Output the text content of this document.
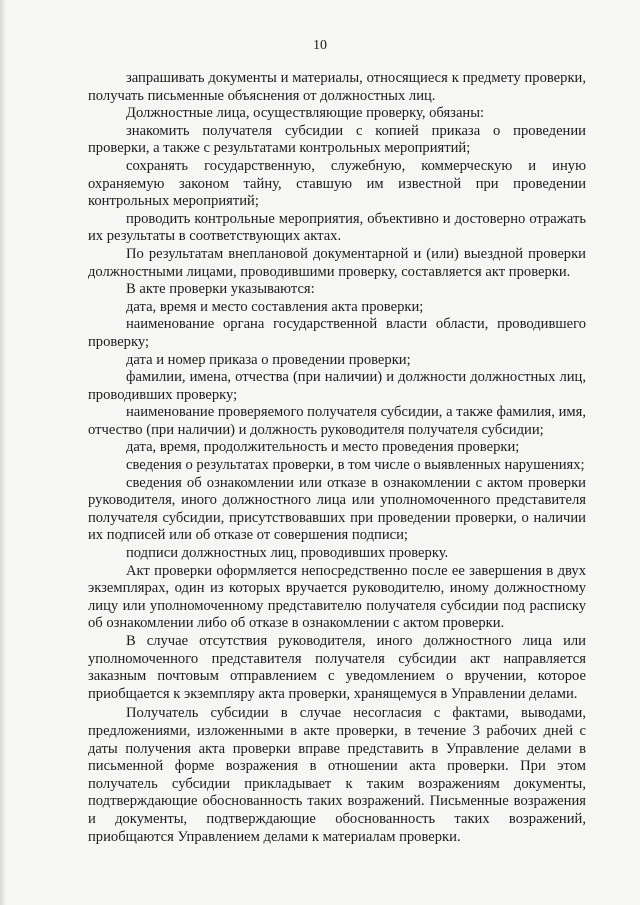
10

запрашивать документы и материалы, относящиеся к предмету проверки, получать письменные объяснения от должностных лиц.

Должностные лица, осуществляющие проверку, обязаны:

знакомить получателя субсидии с копией приказа о проведении проверки, а также с результатами контрольных мероприятий;

сохранять государственную, служебную, коммерческую и иную охраняемую законом тайну, ставшую им известной при проведении контрольных мероприятий;

проводить контрольные мероприятия, объективно и достоверно отражать их результаты в соответствующих актах.

По результатам внеплановой документарной и (или) выездной проверки должностными лицами, проводившими проверку, составляется акт проверки.

В акте проверки указываются:

дата, время и место составления акта проверки;

наименование органа государственной власти области, проводившего проверку;

дата и номер приказа о проведении проверки;

фамилии, имена, отчества (при наличии) и должности должностных лиц, проводивших проверку;

наименование проверяемого получателя субсидии, а также фамилия, имя, отчество (при наличии) и должность руководителя получателя субсидии;

дата, время, продолжительность и место проведения проверки;

сведения о результатах проверки, в том числе о выявленных нарушениях;

сведения об ознакомлении или отказе в ознакомлении с актом проверки руководителя, иного должностного лица или уполномоченного представителя получателя субсидии, присутствовавших при проведении проверки, о наличии их подписей или об отказе от совершения подписи;

подписи должностных лиц, проводивших проверку.

Акт проверки оформляется непосредственно после ее завершения в двух экземплярах, один из которых вручается руководителю, иному должностному лицу или уполномоченному представителю получателя субсидии под расписку об ознакомлении либо об отказе в ознакомлении с актом проверки.

В случае отсутствия руководителя, иного должностного лица или уполномоченного представителя получателя субсидии акт направляется заказным почтовым отправлением с уведомлением о вручении, которое приобщается к экземпляру акта проверки, хранящемуся в Управлении делами.

Получатель субсидии в случае несогласия с фактами, выводами, предложениями, изложенными в акте проверки, в течение 3 рабочих дней с даты получения акта проверки вправе представить в Управление делами в письменной форме возражения в отношении акта проверки. При этом получатель субсидии прикладывает к таким возражениям документы, подтверждающие обоснованность таких возражений. Письменные возражения и документы, подтверждающие обоснованность таких возражений, приобщаются Управлением делами к материалам проверки.
